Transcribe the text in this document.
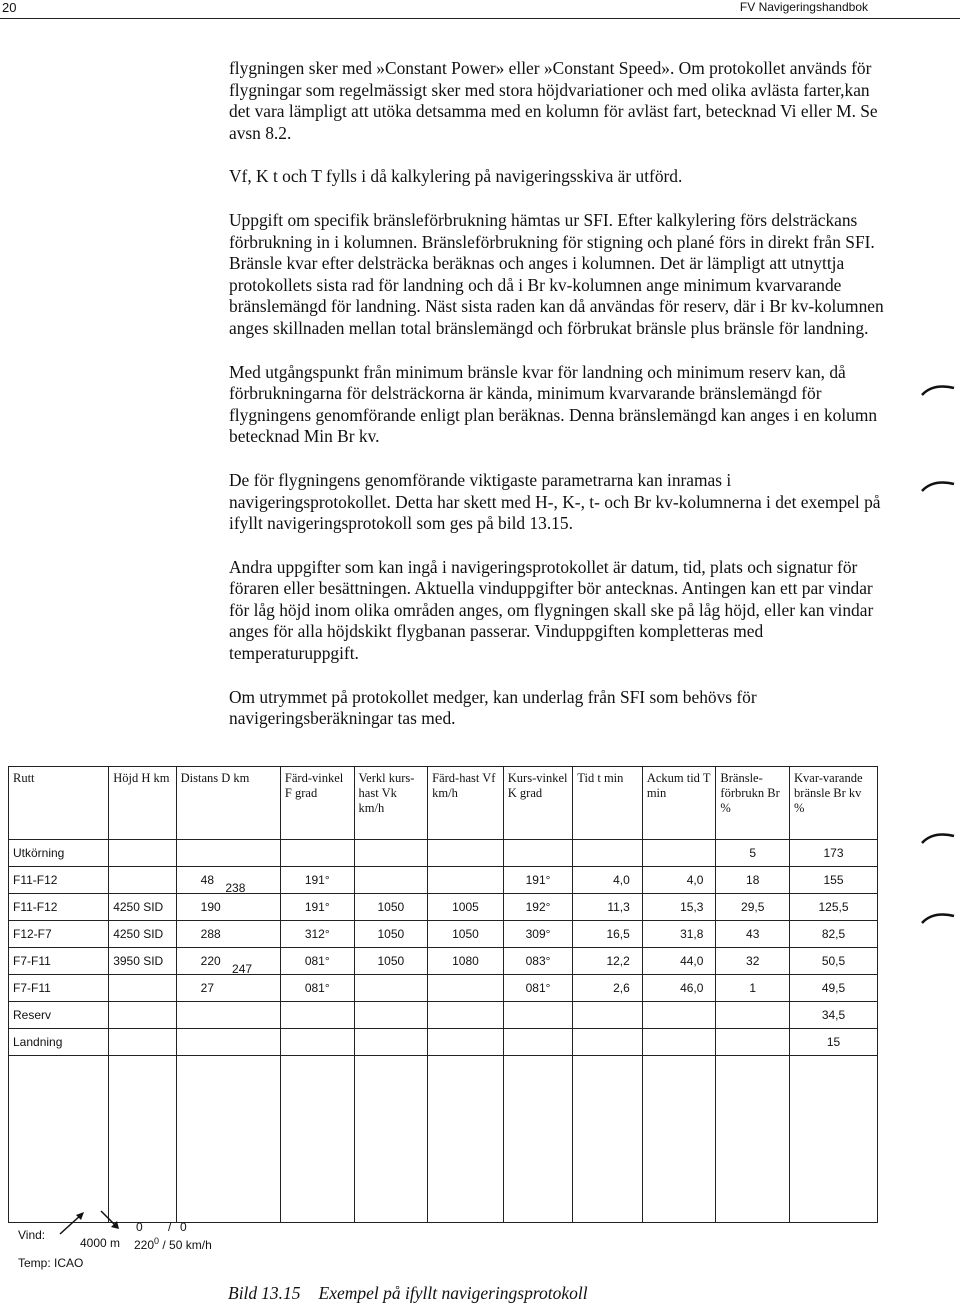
20	FV Navigeringshandbok

flygningen sker med »Constant Power» eller »Constant Speed». Om protokollet används för flygningar som regelmässigt sker med stora höjdvariationer och med olika avlästa farter,kan det vara lämpligt att utöka detsamma med en kolumn för avläst fart, betecknad Vi eller M. Se avsn 8.2.

Vf, K t och T fylls i då kalkylering på navigeringsskiva är utförd.

Uppgift om specifik bränsleförbrukning hämtas ur SFI. Efter kalkylering förs delsträckans förbrukning in i kolumnen. Bränsleförbrukning för stigning och plané förs in direkt från SFI. Bränsle kvar efter delsträcka beräknas och anges i kolumnen. Det är lämpligt att utnyttja protokollets sista rad för landning och då i Br kv-kolumnen ange minimum kvarvarande bränslemängd för landning. Näst sista raden kan då användas för reserv, där i Br kv-kolumnen anges skillnaden mellan total bränslemängd och förbrukat bränsle plus bränsle för landning.

Med utgångspunkt från minimum bränsle kvar för landning och minimum reserv kan, då förbrukningarna för delsträckorna är kända, minimum kvarvarande bränslemängd för flygningens genomförande enligt plan beräknas. Denna bränslemängd kan anges i en kolumn betecknad Min Br kv.

De för flygningens genomförande viktigaste parametrarna kan inramas i navigeringsprotokollet. Detta har skett med H-, K-, t- och Br kv-kolumnerna i det exempel på ifyllt navigeringsprotokoll som ges på bild 13.15.

Andra uppgifter som kan ingå i navigeringsprotokollet är datum, tid, plats och signatur för föraren eller besättningen. Aktuella vinduppgifter bör antecknas. Antingen kan ett par vindar för låg höjd inom olika områden anges, om flygningen skall ske på låg höjd, eller kan vindar anges för alla höjdskikt flygbanan passerar. Vinduppgiften kompletteras med temperaturuppgift.

Om utrymmet på protokollet medger, kan underlag från SFI som behövs för navigeringsberäkningar tas med.

Rutt	Höjd H km	Distans D km	Färd-vinkel F grad	Verkl kurs-hast Vk km/h	Färd-hast Vf km/h	Kurs-vinkel K grad	Tid t min	Ackum tid T min	Bränsle-förbrukn Br %	Kvar-varande bränsle Br kv %
Utkörning									5	173
F11-F12		48 238	191°			191°	4,0	4,0	18	155
F11-F12	4250 SID	190	191°	1050	1005	192°	11,3	15,3	29,5	125,5
F12-F7	4250 SID	288	312°	1050	1050	309°	16,5	31,8	43	82,5
F7-F11	3950 SID	220 247	081°	1050	1080	083°	12,2	44,0	32	50,5
F7-F11		27	081°			081°	2,6	46,0	1	49,5
Reserv										34,5
Landning										15

Vind:
0	0
/
4000 m $220^0 / 50$ km/h
Temp: ICAO
Bild 13.15 Exempel på ifyllt navigeringsprotokoll
